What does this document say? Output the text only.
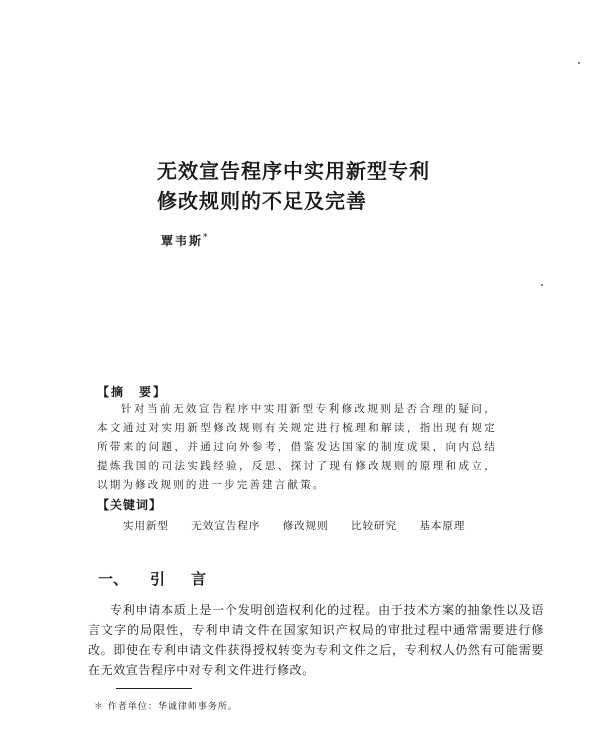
无效宣告程序中实用新型专利
修改规则的不足及完善
覃韦斯*
【摘　要】
针对当前无效宣告程序中实用新型专利修改规则是否合理的疑问，本文通过对实用新型修改规则有关规定进行梳理和解读，指出现有规定所带来的问题，并通过向外参考，借鉴发达国家的制度成果，向内总结提炼我国的司法实践经验，反思、探讨了现有修改规则的原理和成立，以期为修改规则的进一步完善建言献策。
【关键词】
实用新型 无效宣告程序 修改规则 比较研究 基本原理
一、 引 言
专利申请本质上是一个发明创造权利化的过程。由于技术方案的抽象性以及语言文字的局限性，专利申请文件在国家知识产权局的审批过程中通常需要进行修改。即使在专利申请文件获得授权转变为专利文件之后，专利权人仍然有可能需要在无效宣告程序中对专利文件进行修改。
＊ 作者单位：华诚律师事务所。
